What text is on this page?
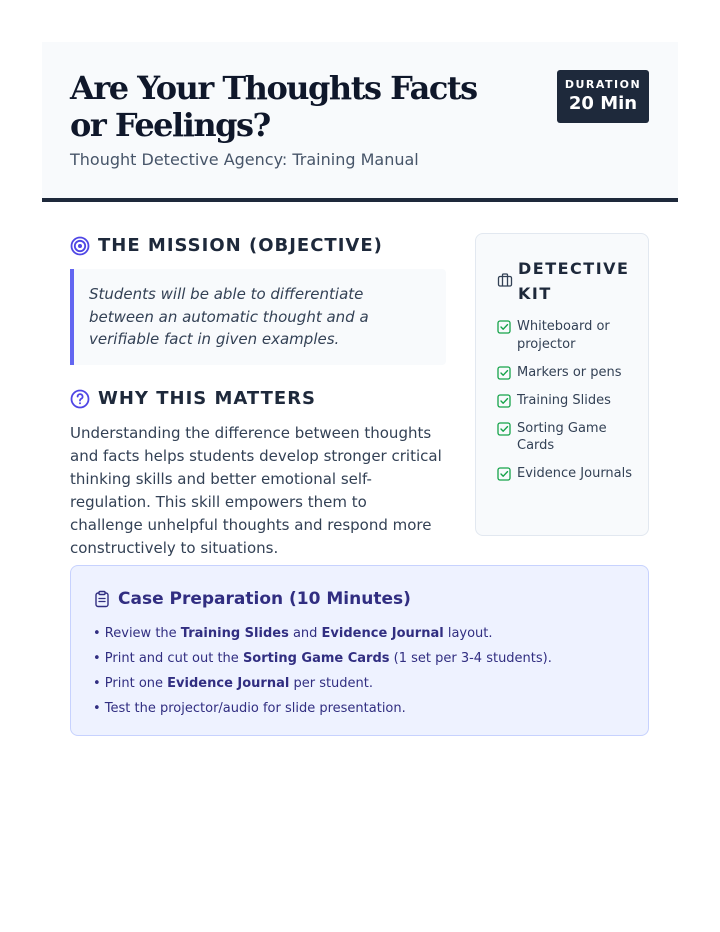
Are Your Thoughts Facts or Feelings?
Thought Detective Agency: Training Manual
DURATION
20 Min
THE MISSION (OBJECTIVE)
Students will be able to differentiate between an automatic thought and a verifiable fact in given examples.
WHY THIS MATTERS

Understanding the difference between thoughts and facts helps students develop stronger critical thinking skills and better emotional self-regulation. This skill empowers them to challenge unhelpful thoughts and respond more constructively to situations.

DETECTIVE KIT
Whiteboard or projector
Markers or pens
Training Slides
Sorting Game Cards
Evidence Journals
Case Preparation (10 Minutes)
• Review the Training Slides and Evidence Journal layout.
• Print and cut out the Sorting Game Cards (1 set per 3-4 students).
• Print one Evidence Journal per student.
• Test the projector/audio for slide presentation.
